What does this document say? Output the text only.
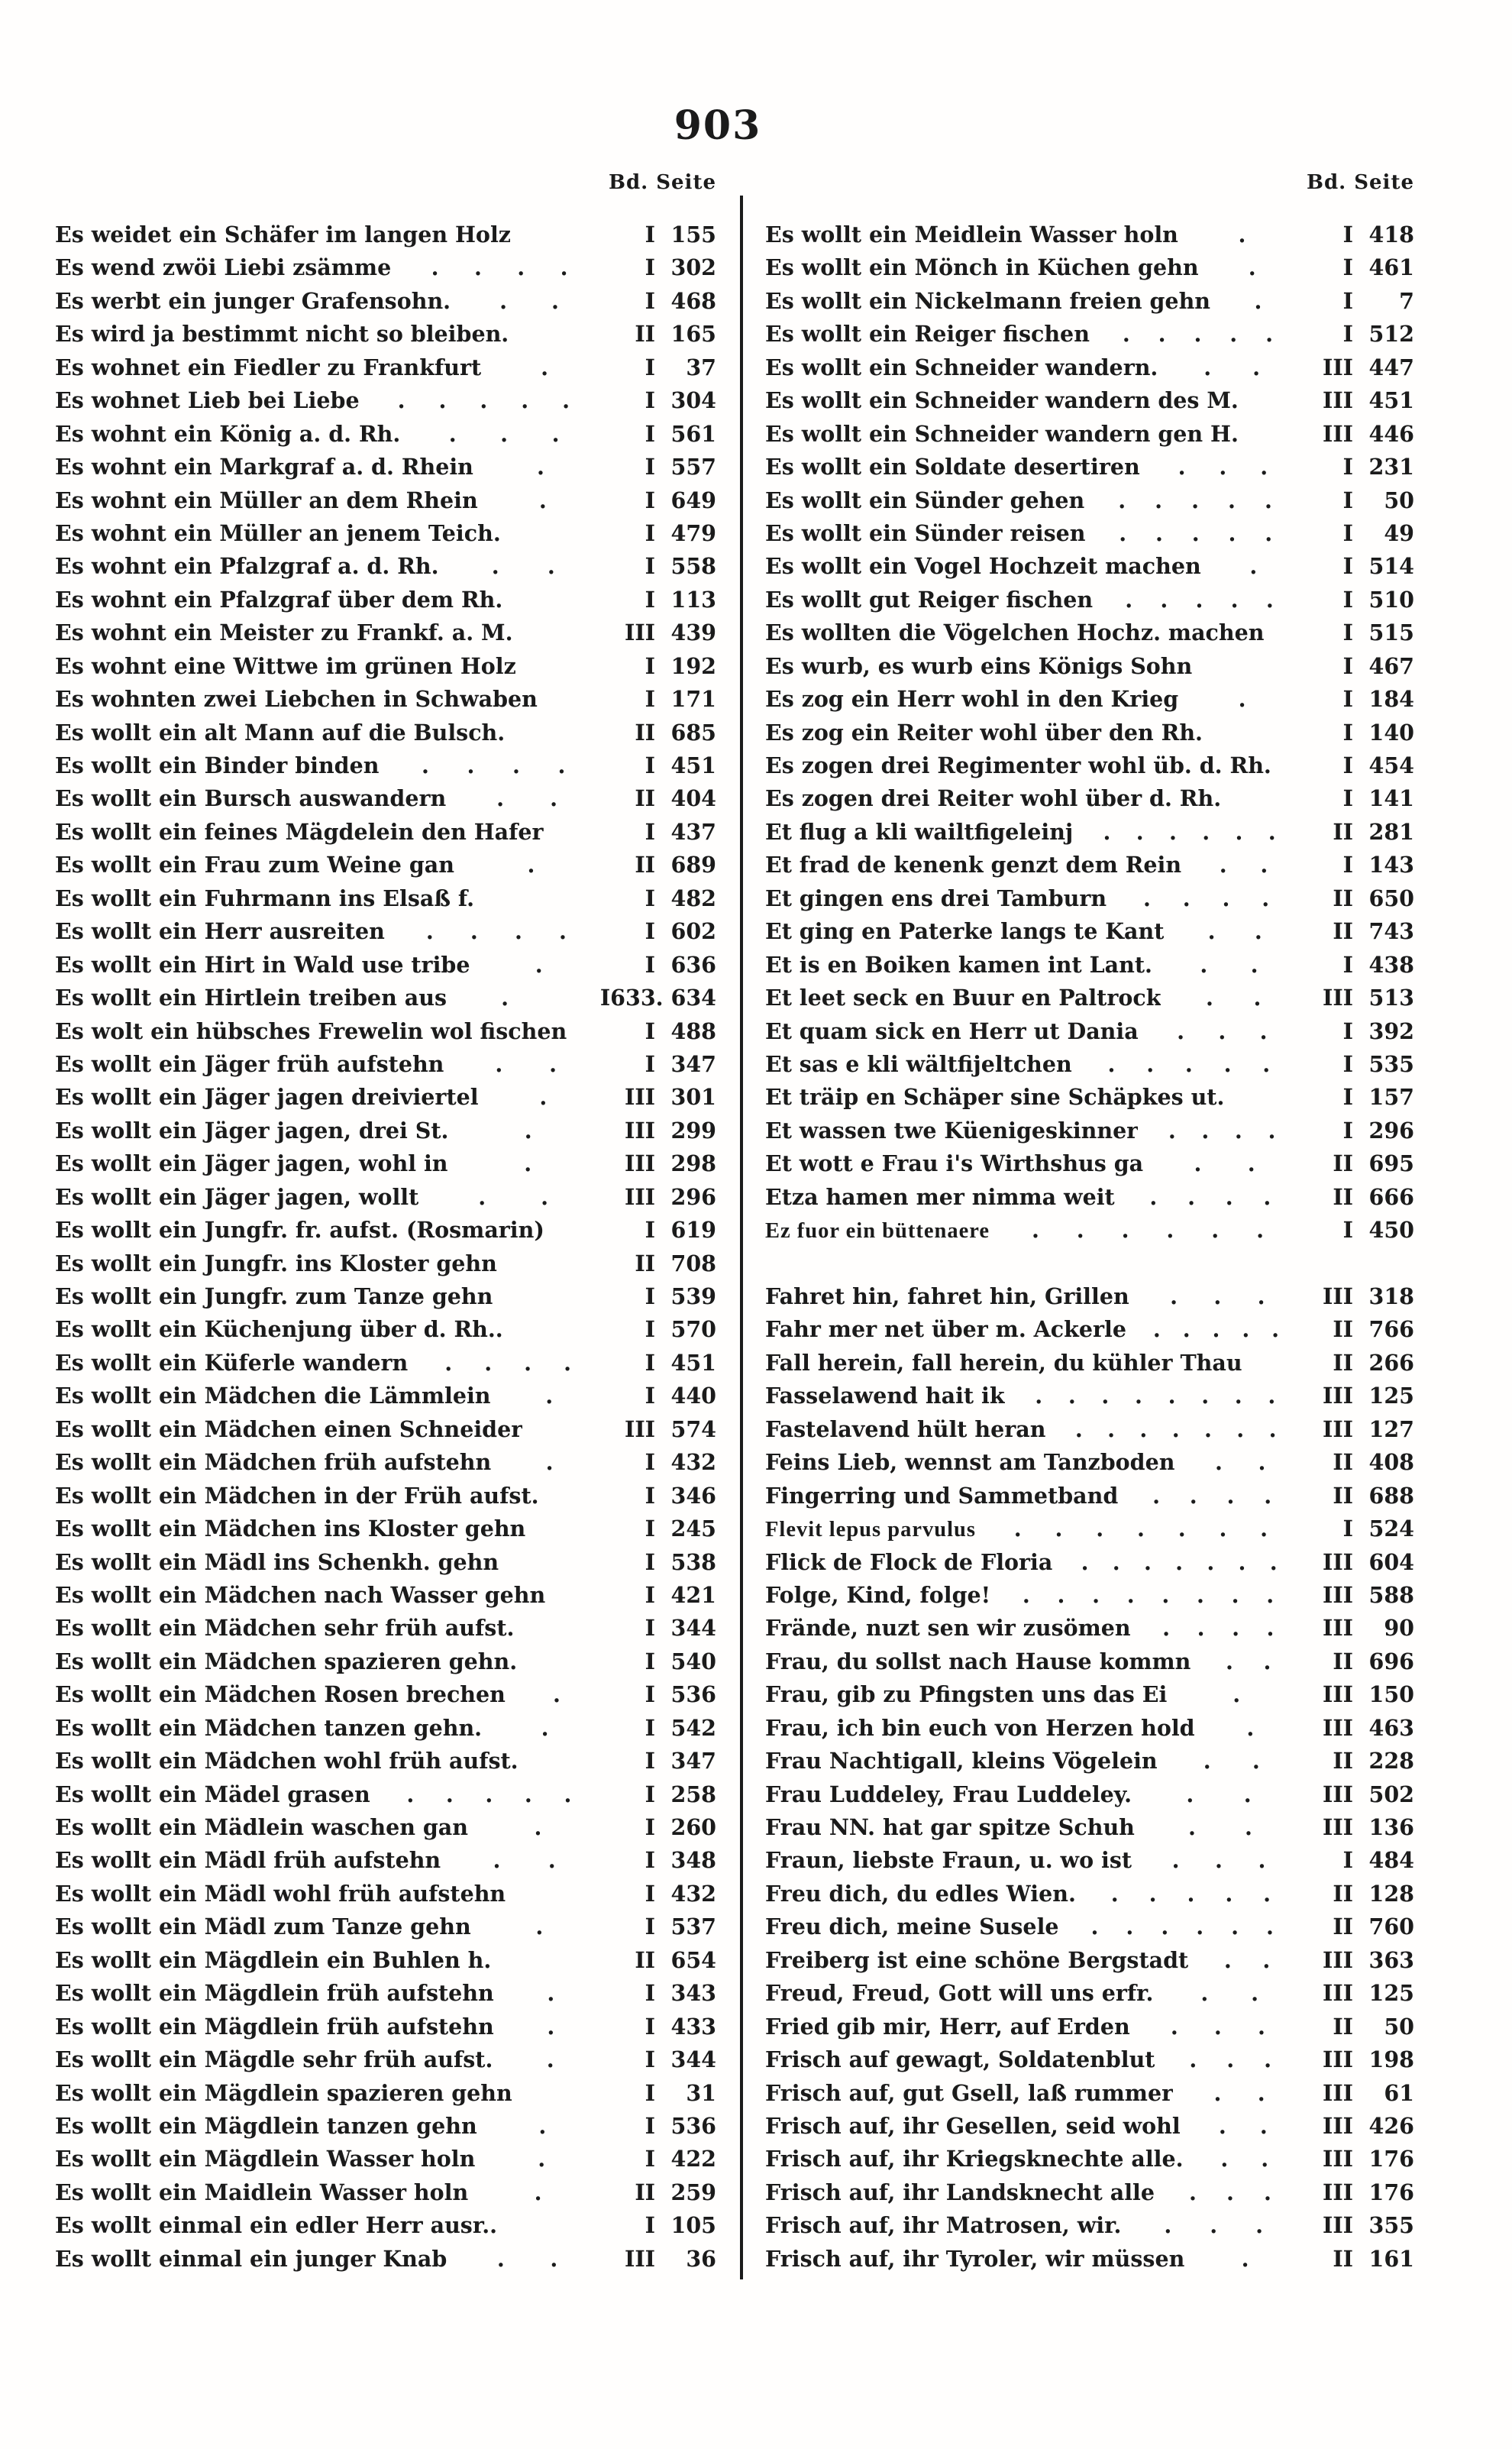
903
Bd. Seite	Bd. Seite
Es weidet ein Schäfer im langen Holz	I 155
Es wend zwöi Liebi zsämme . . . .	I 302
Es werbt ein junger Grafensohn. . .	I 468
Es wird ja bestimmt nicht so bleiben.	II 165
Es wohnet ein Fiedler zu Frankfurt	.	I	37
Es wohnet Lieb bei Liebe . . . . .	I 304
Es wohnt ein König a. d. Rh. . . .	I 561
Es wohnt ein Markgraf a. d. Rhein	.	I 557
Es wohnt ein Müller an dem Rhein	.	I 649
Es wohnt ein Müller an jenem Teich.	I 479
Es wohnt ein Pfalzgraf a. d. Rh. . .	I 558
Es wohnt ein Pfalzgraf über dem Rh.	I 113
Es wohnt ein Meister zu Frankf. a. M.	III 439
Es wohnt eine Wittwe im grünen Holz	I 192
Es wohnten zwei Liebchen in Schwaben	I 171
Es wollt ein alt Mann auf die Bulsch.	II 685
Es wollt ein Binder binden . . . .	I 451
Es wollt ein Bursch auswandern . .	II 404
Es wollt ein feines Mägdelein den Hafer	I 437
Es wollt ein Frau zum Weine gan	.	II 689
Es wollt ein Fuhrmann ins Elsaß f.	I 482
Es wollt ein Herr ausreiten . . . .	I 602
Es wollt ein Hirt in Wald use tribe	.	I 636
Es wollt ein Hirtlein treiben aus .	I 633. 634
Es wolt ein hübsches Frewelin wol fischen	I 488
Es wollt ein Jäger früh aufstehn . .	I 347
Es wollt ein Jäger jagen dreiviertel	.	III 301
Es wollt ein Jäger jagen, drei St.	.	III 299
Es wollt ein Jäger jagen, wohl in	.	III 298
Es wollt ein Jäger jagen, wollt	.	.	III 296
Es wollt ein Jungfr. fr. aufst. (Rosmarin)	I 619
Es wollt ein Jungfr. ins Kloster gehn	II 708
Es wollt ein Jungfr. zum Tanze gehn	I 539
Es wollt ein Küchenjung über d. Rh..	I 570
Es wollt ein Küferle wandern . . . .	I 451
Es wollt ein Mädchen die Lämmlein	.	I 440
Es wollt ein Mädchen einen Schneider	III 574
Es wollt ein Mädchen früh aufstehn	.	I 432
Es wollt ein Mädchen in der Früh aufst.	I 346
Es wollt ein Mädchen ins Kloster gehn	I 245
Es wollt ein Mädl ins Schenkh. gehn	I 538
Es wollt ein Mädchen nach Wasser gehn	I 421
Es wollt ein Mädchen sehr früh aufst.	I 344
Es wollt ein Mädchen spazieren gehn.	I 540
Es wollt ein Mädchen Rosen brechen .	I 536
Es wollt ein Mädchen tanzen gehn.	.	I 542
Es wollt ein Mädchen wohl früh aufst.	I 347
Es wollt ein Mädel grasen . . . . .	I 258
Es wollt ein Mädlein waschen gan	.	I 260
Es wollt ein Mädl früh aufstehn . .	I 348
Es wollt ein Mädl wohl früh aufstehn	I 432
Es wollt ein Mädl zum Tanze gehn	.	I 537
Es wollt ein Mägdlein ein Buhlen h.	II 654
Es wollt ein Mägdlein früh aufstehn .	I 343
Es wollt ein Mägdlein früh aufstehn .	I 433
Es wollt ein Mägdle sehr früh aufst. .	I 344
Es wollt ein Mägdlein spazieren gehn	I	31
Es wollt ein Mägdlein tanzen gehn	.	I 536
Es wollt ein Mägdlein Wasser holn	.	I 422
Es wollt ein Maidlein Wasser holn	.	II 259
Es wollt einmal ein edler Herr ausr..	I 105
Es wollt einmal ein junger Knab . .	III	36
Es wollt ein Meidlein Wasser holn	.	I 418
Es wollt ein Mönch in Küchen gehn .	I 461
Es wollt ein Nickelmann freien gehn .	I	7
Es wollt ein Reiger fischen . . . . .	I 512
Es wollt ein Schneider wandern. . .	III 447
Es wollt ein Schneider wandern des M.	III 451
Es wollt ein Schneider wandern gen H.	III 446
Es wollt ein Soldate desertiren . . .	I 231
Es wollt ein Sünder gehen . . . . .	I	50
Es wollt ein Sünder reisen . . . . .	I	49
Es wollt ein Vogel Hochzeit machen .	I 514
Es wollt gut Reiger fischen . . . . .	I 510
Es wollten die Vögelchen Hochz. machen	I 515
Es wurb, es wurb eins Königs Sohn	I 467
Es zog ein Herr wohl in den Krieg	.	I 184
Es zog ein Reiter wohl über den Rh.	I 140
Es zogen drei Regimenter wohl üb. d. Rh.	I 454
Es zogen drei Reiter wohl über d. Rh.	I 141
Et flug a kli wailtfigeleinj . . . . . .	II 281
Et frad de kenenk genzt dem Rein . .	I 143
Et gingen ens drei Tamburn . . . .	II 650
Et ging en Paterke langs te Kant . .	II 743
Et is en Boiken kamen int Lant. . .	I 438
Et leet seck en Buur en Paltrock . .	III 513
Et quam sick en Herr ut Dania . . .	I 392
Et sas e kli wältfijeltchen . . . . .	I 535
Et träip en Schäper sine Schäpkes ut.	I 157
Et wassen twe Küenigeskinner . . . .	I 296
Et wott e Frau i's Wirthshus ga . .	II 695
Etza hamen mer nimma weit . . . .	II 666
Ez fuor ein büttenaere . . . . . .	I 450
Fahret hin, fahret hin, Grillen . . .	III 318
Fahr mer net über m. Ackerle . . . . .	II 766
Fall herein, fall herein, du kühler Thau	II 266
Fasselawend hait ik . . . . . . . .	III 125
Fastelavend hült heran . . . . . . .	III 127
Feins Lieb, wennst am Tanzboden . .	II 408
Fingerring und Sammetband . . . .	II 688
Flevit lepus parvulus . . . . . . .	I 524
Flick de Flock de Floria . . . . . . .	III 604
Folge, Kind, folge! . . . . . . . .	III 588
Frände, nuzt sen wir zusömen . . . .	III	90
Frau, du sollst nach Hause kommn . .	II 696
Frau, gib zu Pfingsten uns das Ei	.	III 150
Frau, ich bin euch von Herzen hold .	III 463
Frau Nachtigall, kleins Vögelein . .	II 228
Frau Luddeley, Frau Luddeley.	. .	III 502
Frau NN. hat gar spitze Schuh . .	III 136
Fraun, liebste Fraun, u. wo ist . . .	I 484
Freu dich, du edles Wien. . . . . .	II 128
Freu dich, meine Susele . . . . . .	II 760
Freiberg ist eine schöne Bergstadt . .	III 363
Freud, Freud, Gott will uns erfr. . .	III 125
Fried gib mir, Herr, auf Erden . . .	II	50
Frisch auf gewagt, Soldatenblut . . .	III 198
Frisch auf, gut Gsell, laß rummer . .	III	61
Frisch auf, ihr Gesellen, seid wohl . .	III 426
Frisch auf, ihr Kriegsknechte alle. . .	III 176
Frisch auf, ihr Landsknecht alle . . .	III 176
Frisch auf, ihr Matrosen, wir. . . .	III 355
Frisch auf, ihr Tyroler, wir müssen	.	II 161
